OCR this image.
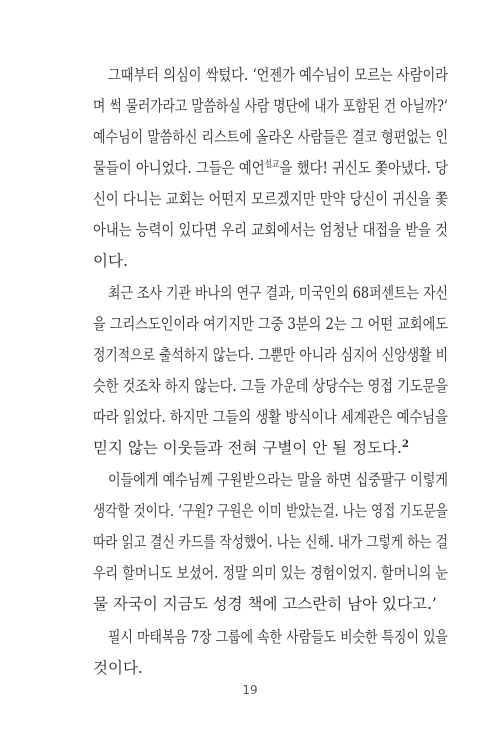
그때부터 의심이 싹텄다. ‘언젠가 예수님이 모르는 사람이라
며 썩 물러가라고 말씀하실 사람 명단에 내가 포함된 건 아닐까?’
예수님이 말씀하신 리스트에 올라온 사람들은 결코 형편없는 인
물들이 아니었다. 그들은 예언$^{설교}$을 했다! 귀신도 쫓아냈다. 당
신이 다니는 교회는 어떤지 모르겠지만 만약 당신이 귀신을 쫓
아내는 능력이 있다면 우리 교회에서는 엄청난 대접을 받을 것
이다.
최근 조사 기관 바나의 연구 결과, 미국인의 68퍼센트는 자신
을 그리스도인이라 여기지만 그중 3분의 2는 그 어떤 교회에도
정기적으로 출석하지 않는다. 그뿐만 아니라 심지어 신앙생활 비
슷한 것조차 하지 않는다. 그들 가운데 상당수는 영접 기도문을
따라 읽었다. 하지만 그들의 생활 방식이나 세계관은 예수님을
믿지 않는 이웃들과 전혀 구별이 안 될 정도다.$^2$
이들에게 예수님께 구원받으라는 말을 하면 십중팔구 이렇게
생각할 것이다. ‘구원? 구원은 이미 받았는걸. 나는 영접 기도문을
따라 읽고 결신 카드를 작성했어. 나는 신해. 내가 그렇게 하는 걸
우리 할머니도 보셨어. 정말 의미 있는 경험이었지. 할머니의 눈
물 자국이 지금도 성경 책에 고스란히 남아 있다고.’
필시 마태복음 7장 그룹에 속한 사람들도 비슷한 특징이 있을
것이다.
19
